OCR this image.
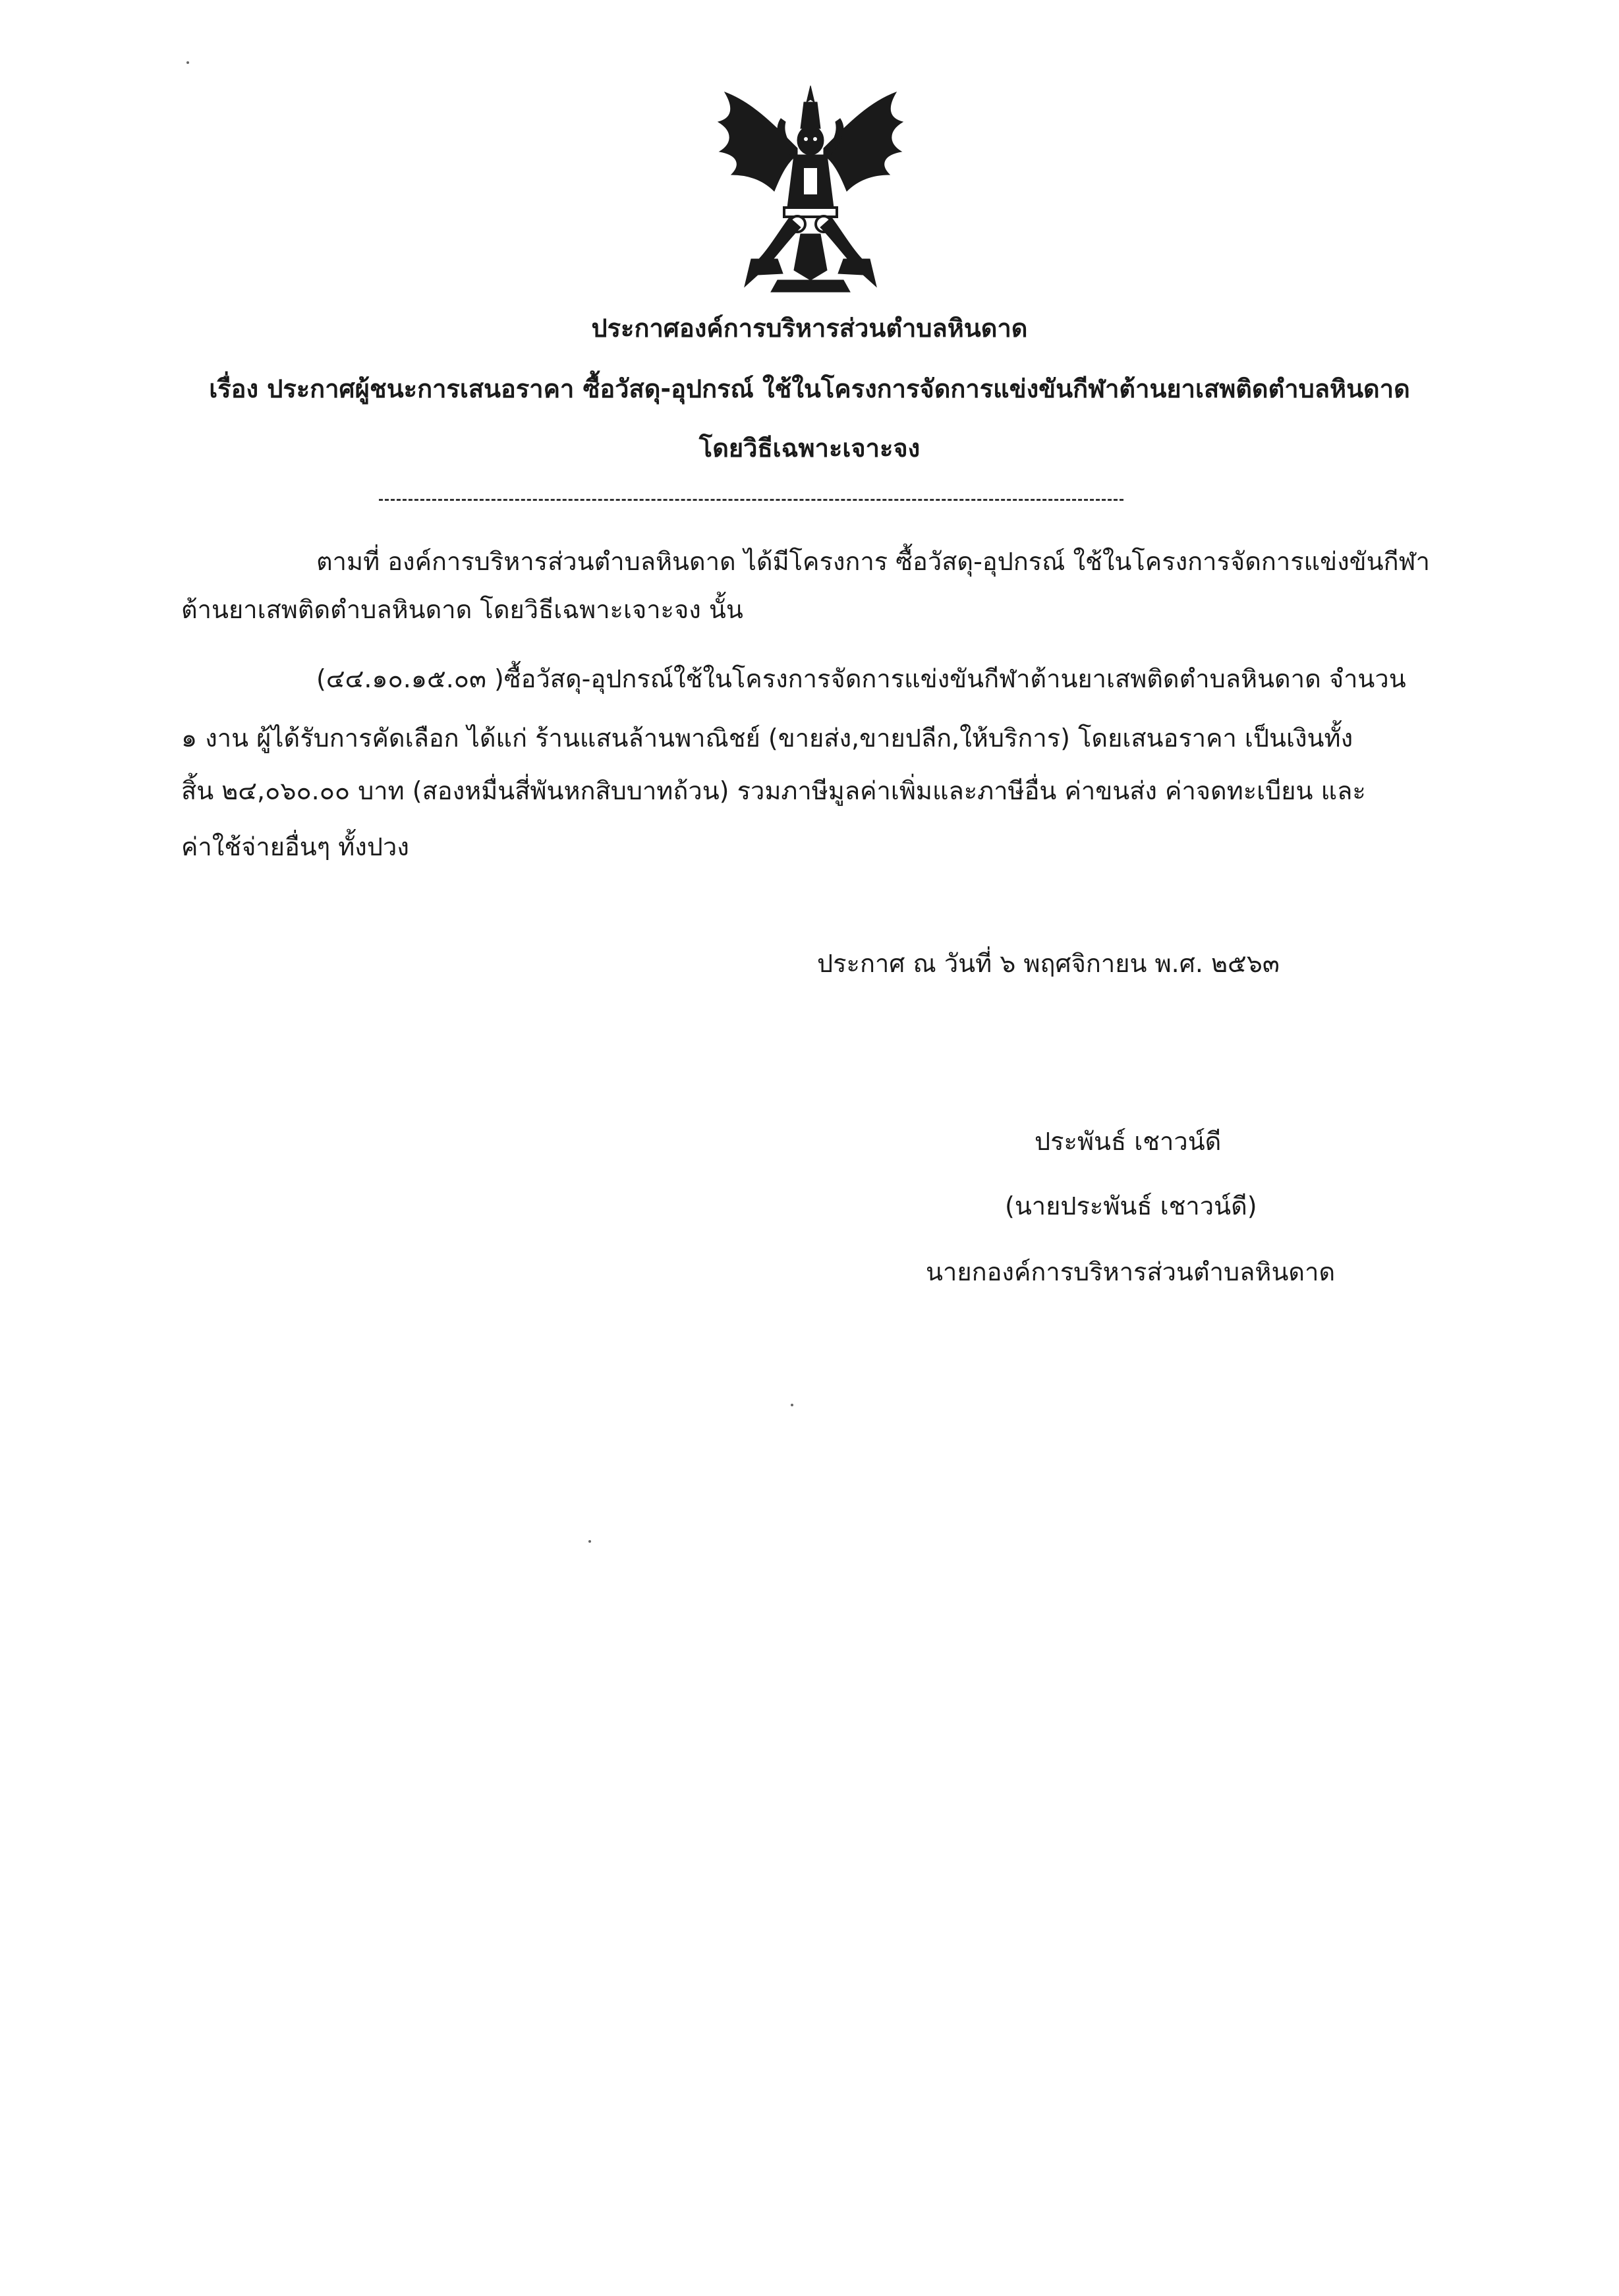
ประกาศองค์การบริหารส่วนตำบลหินดาด
เรื่อง ประกาศผู้ชนะการเสนอราคา ซื้อวัสดุ-อุปกรณ์ ใช้ในโครงการจัดการแข่งขันกีฬาต้านยาเสพติดตำบลหินดาด
โดยวิธีเฉพาะเจาะจง
ตามที่ องค์การบริหารส่วนตำบลหินดาด ได้มีโครงการ ซื้อวัสดุ-อุปกรณ์ ใช้ในโครงการจัดการแข่งขันกีฬา
ต้านยาเสพติดตำบลหินดาด โดยวิธีเฉพาะเจาะจง นั้น
(๔๔.๑๐.๑๕.๐๓ )ซื้อวัสดุ-อุปกรณ์ใช้ในโครงการจัดการแข่งขันกีฬาต้านยาเสพติดตำบลหินดาด จำนวน
๑ งาน ผู้ได้รับการคัดเลือก ได้แก่ ร้านแสนล้านพาณิชย์ (ขายส่ง,ขายปลีก,ให้บริการ) โดยเสนอราคา เป็นเงินทั้ง
สิ้น ๒๔,๐๖๐.๐๐ บาท (สองหมื่นสี่พันหกสิบบาทถ้วน) รวมภาษีมูลค่าเพิ่มและภาษีอื่น ค่าขนส่ง ค่าจดทะเบียน และ
ค่าใช้จ่ายอื่นๆ ทั้งปวง
ประกาศ ณ วันที่ ๖ พฤศจิกายน พ.ศ. ๒๕๖๓
ประพันธ์ เชาวน์ดี
(นายประพันธ์ เชาวน์ดี)
นายกองค์การบริหารส่วนตำบลหินดาด
